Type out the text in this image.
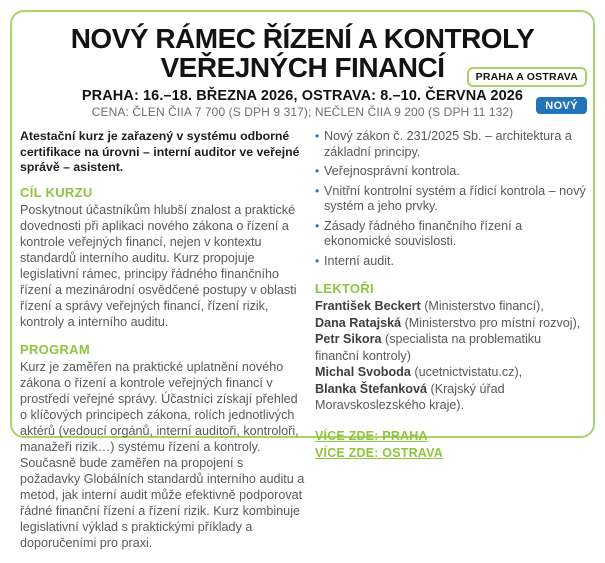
NOVÝ RÁMEC ŘÍZENÍ A KONTROLY
VEŘEJNÝCH FINANCÍ	PRAHA A OSTRAVA
NOVÝ
PRAHA: 16.–18. BŘEZNA 2026, OSTRAVA: 8.–10. ČERVNA 2026
CENA: ČLEN ČIIA 7 700 (S DPH 9 317); NEČLEN ČIIA 9 200 (S DPH 11 132)

Atestační kurz je zařazený v systému odborné certifikace na úrovni – interní auditor ve veřejné správě – asistent.

CÍL KURZU

Poskytnout účastníkům hlubší znalost a praktické dovednosti při aplikaci nového zákona o řízení a kontrole veřejných financí, nejen v kontextu standardů interního auditu. Kurz propojuje legislativní rámec, principy řádného finančního řízení a mezinárodní osvědčené postupy v oblasti řízení a správy veřejných financí, řízení rizik, kontroly a interního auditu.

PROGRAM

Kurz je zaměřen na praktické uplatnění nového zákona o řízení a kontrole veřejných financí v prostředí veřejné správy. Účastníci získají přehled o klíčových principech zákona, rolích jednotlivých aktérů (vedoucí orgánů, interní auditoři, kontroloři, manažeři rizik…) systému řízení a kontroly. Současně bude zaměřen na propojení s požadavky Globálních standardů interního auditu a metod, jak interní audit může efektivně podporovat řádné finanční řízení a řízení rizik. Kurz kombinuje legislativní výklad s praktickými příklady a doporučeními pro praxi.

• Nový zákon č. 231/2025 Sb. – architektura a základní principy.
• Veřejnosprávní kontrola.
• Vnitřní kontrolní systém a řídicí kontrola – nový systém a jeho prvky.
• Zásady řádného finančního řízení a ekonomické souvislosti.
• Interní audit.
LEKTOŘI
František Beckert (Ministerstvo financí),
Dana Ratajská (Ministerstvo pro místní rozvoj),
Petr Sikora (specialista na problematiku finanční kontroly)
Michal Svoboda (ucetnictvistatu.cz),
Blanka Štefanková (Krajský úřad Moravskoslezského kraje).
VÍCE ZDE: PRAHA
VÍCE ZDE: OSTRAVA
